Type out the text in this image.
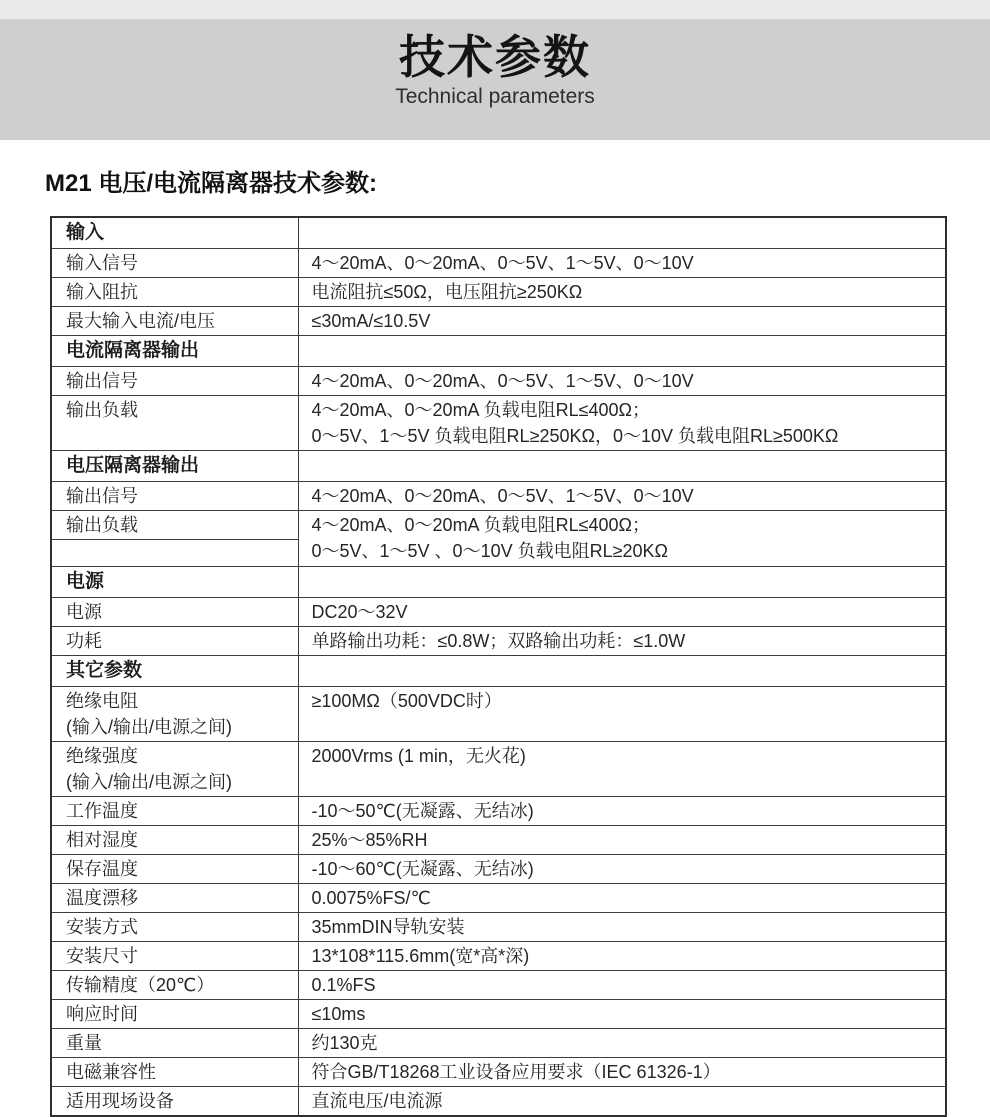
技术参数
Technical parameters
M21 电压/电流隔离器技术参数:
输入	
输入信号	4～20mA、0～20mA、0～5V、1～5V、0～10V
输入阻抗	电流阻抗≤50Ω，电压阻抗≥250KΩ
最大输入电流/电压	≤30mA/≤10.5V
电流隔离器输出	
输出信号	4～20mA、0～20mA、0～5V、1～5V、0～10V
输出负载	4～20mA、0～20mA 负载电阻RL≤400Ω；
0～5V、1～5V 负载电阻RL≥250KΩ，0～10V 负载电阻RL≥500KΩ

电压隔离器输出	
输出信号	4～20mA、0～20mA、0～5V、1～5V、0～10V
输出负载	4～20mA、0～20mA 负载电阻RL≤400Ω；
0～5V、1～5V 、0～10V 负载电阻RL≥20KΩ

电源	
电源	DC20～32V
功耗	单路输出功耗：≤0.8W；双路输出功耗：≤1.0W
其它参数	

绝缘电阻
(输入/输出/电源之间)	≥100MΩ（500VDC时）

绝缘强度
(输入/输出/电源之间)	2000Vrms (1 min，无火花)
工作温度	-10～50℃(无凝露、无结冰)
相对湿度	25%～85%RH
保存温度	-10～60℃(无凝露、无结冰)
温度漂移	0.0075%FS/℃
安装方式	35mmDIN导轨安装
安装尺寸	13*108*115.6mm(宽*高*深)
传输精度（20℃）	0.1%FS
响应时间	≤10ms
重量	约130克
电磁兼容性	符合GB/T18268工业设备应用要求（IEC 61326-1）
适用现场设备	直流电压/电流源
